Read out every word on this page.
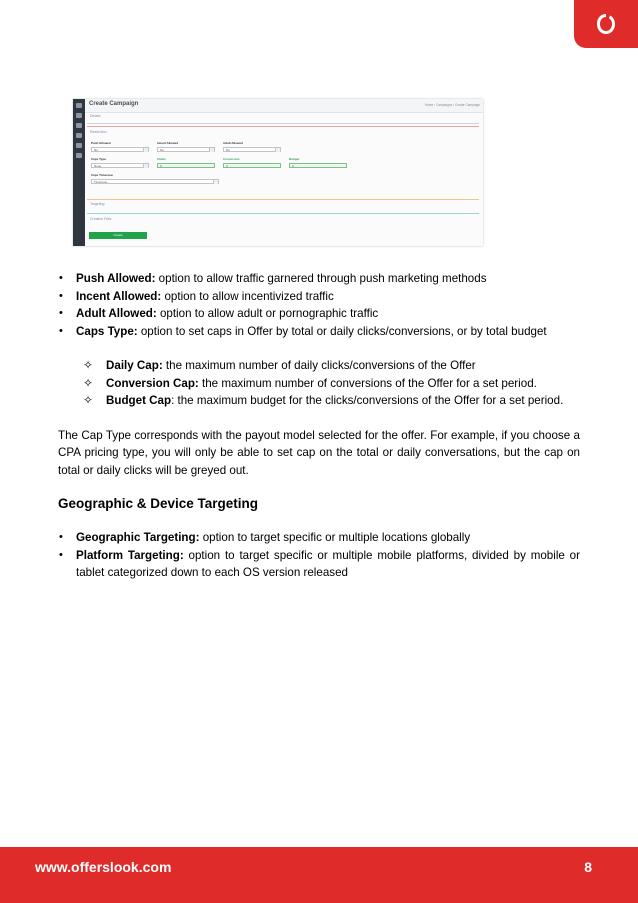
Create Campaign	Home › Campaigns › Create Campaign
Details
Restriction
Push Allowed
No
Incent Allowed
No
Adult Allowed
No
Caps Type
None
Clicks
0
Conversion
0
Budget
0
Caps Timezone
Timezone...
Targeting
Creative Files
Create
• Push Allowed: option to allow traffic garnered through push marketing methods
• Incent Allowed: option to allow incentivized traffic
• Adult Allowed: option to allow adult or pornographic traffic
• Caps Type: option to set caps in Offer by total or daily clicks/conversions, or by total budget
✧ Daily Cap: the maximum number of daily clicks/conversions of the Offer
✧ Conversion Cap: the maximum number of conversions of the Offer for a set period.
✧ Budget Cap: the maximum budget for the clicks/conversions of the Offer for a set period.

The Cap Type corresponds with the payout model selected for the offer. For example, if you choose a CPA pricing type, you will only be able to set cap on the total or daily conversations, but the cap on total or daily clicks will be greyed out.

Geographic & Device Targeting
• Geographic Targeting: option to target specific or multiple locations globally
• Platform Targeting: option to target specific or multiple mobile platforms, divided by mobile or tablet categorized down to each OS version released
www.offerslook.com	8
